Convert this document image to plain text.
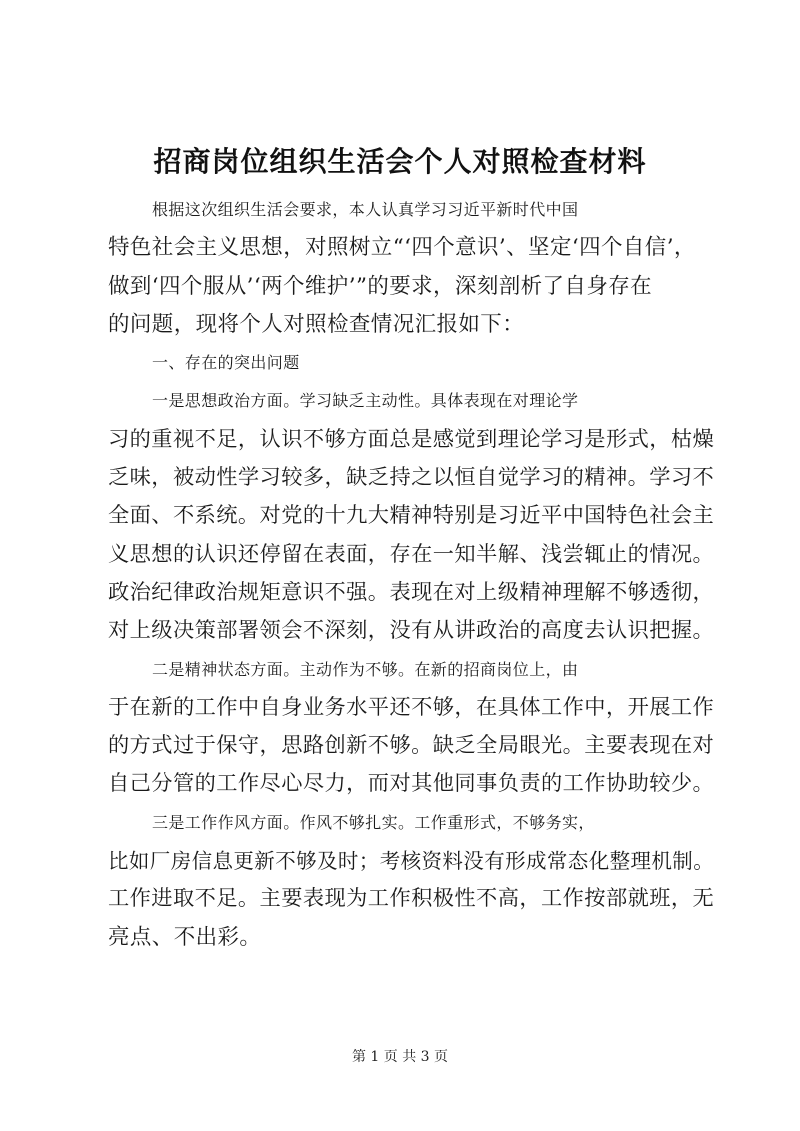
招商岗位组织生活会个人对照检查材料
根据这次组织生活会要求，本人认真学习习近平新时代中国
特色社会主义思想，对照树立“‘四个意识’、坚定‘四个自信’，
做到‘四个服从’‘两个维护’”的要求，深刻剖析了自身存在
的问题，现将个人对照检查情况汇报如下：
一、存在的突出问题
一是思想政治方面。学习缺乏主动性。具体表现在对理论学
习的重视不足，认识不够方面总是感觉到理论学习是形式，枯燥
乏味，被动性学习较多，缺乏持之以恒自觉学习的精神。学习不
全面、不系统。对党的十九大精神特别是习近平中国特色社会主
义思想的认识还停留在表面，存在一知半解、浅尝辄止的情况。
政治纪律政治规矩意识不强。表现在对上级精神理解不够透彻，
对上级决策部署领会不深刻，没有从讲政治的高度去认识把握。
二是精神状态方面。主动作为不够。在新的招商岗位上，由
于在新的工作中自身业务水平还不够，在具体工作中，开展工作
的方式过于保守，思路创新不够。缺乏全局眼光。主要表现在对
自己分管的工作尽心尽力，而对其他同事负责的工作协助较少。
三是工作作风方面。作风不够扎实。工作重形式，不够务实，
比如厂房信息更新不够及时；考核资料没有形成常态化整理机制。
工作进取不足。主要表现为工作积极性不高，工作按部就班，无
亮点、不出彩。
第 1 页 共 3 页
